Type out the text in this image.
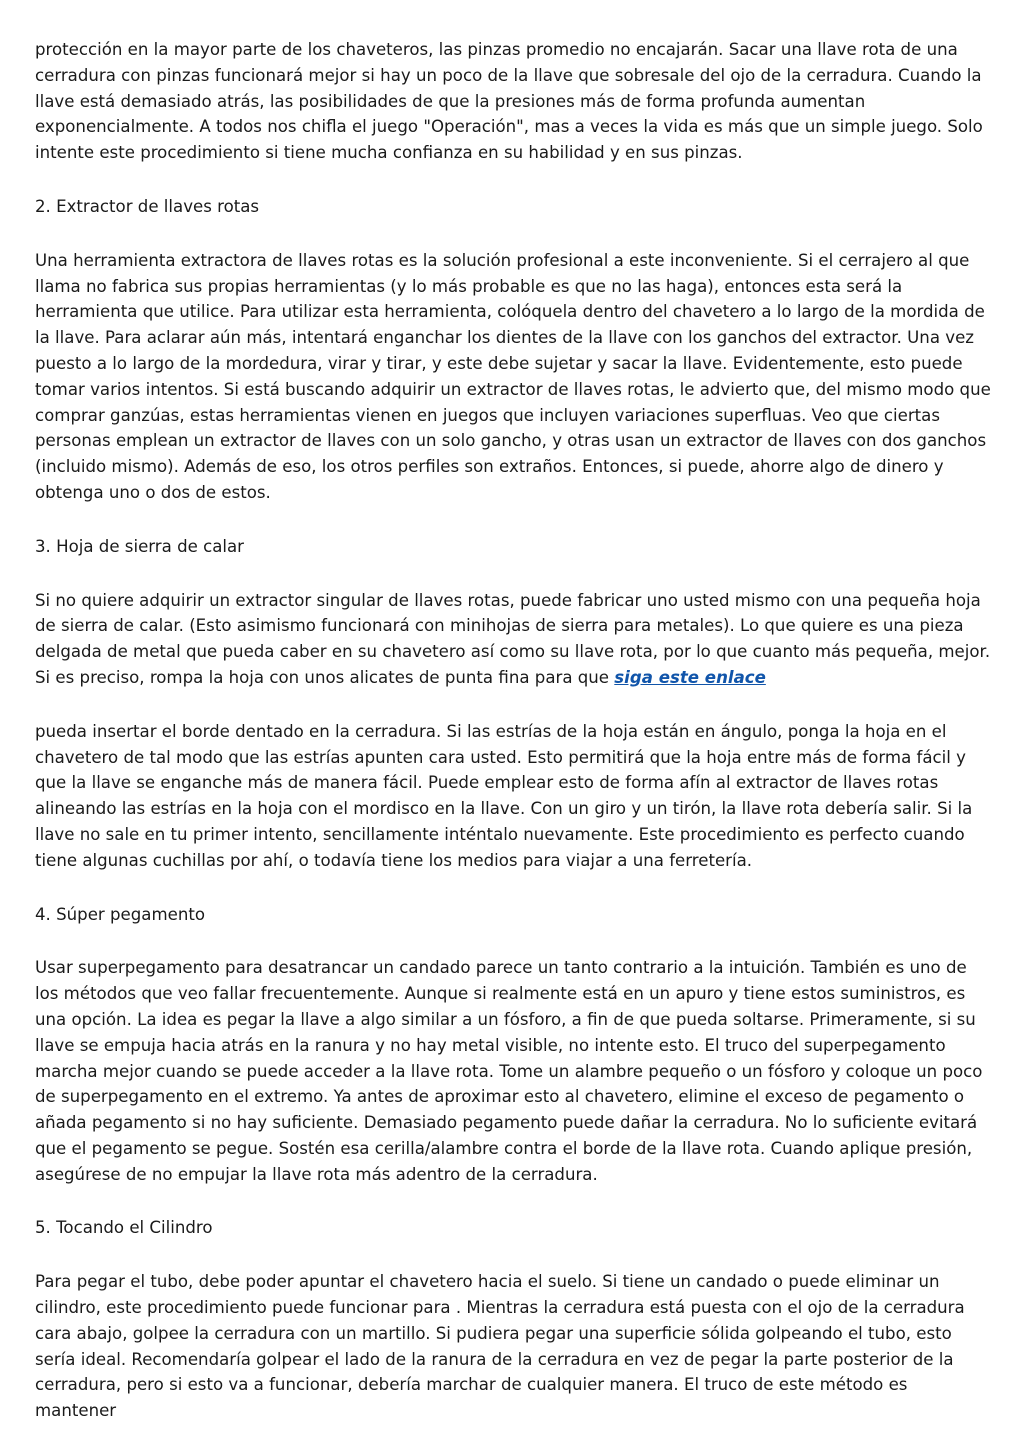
protección en la mayor parte de los chaveteros, las pinzas promedio no encajarán. Sacar una llave rota de una cerradura con pinzas funcionará mejor si hay un poco de la llave que sobresale del ojo de la cerradura. Cuando la llave está demasiado atrás, las posibilidades de que la presiones más de forma profunda aumentan exponencialmente. A todos nos chifla el juego "Operación", mas a veces la vida es más que un simple juego. Solo intente este procedimiento si tiene mucha confianza en su habilidad y en sus pinzas.

2. Extractor de llaves rotas

Una herramienta extractora de llaves rotas es la solución profesional a este inconveniente. Si el cerrajero al que llama no fabrica sus propias herramientas (y lo más probable es que no las haga), entonces esta será la herramienta que utilice. Para utilizar esta herramienta, colóquela dentro del chavetero a lo largo de la mordida de la llave. Para aclarar aún más, intentará enganchar los dientes de la llave con los ganchos del extractor. Una vez puesto a lo largo de la mordedura, virar y tirar, y este debe sujetar y sacar la llave. Evidentemente, esto puede tomar varios intentos. Si está buscando adquirir un extractor de llaves rotas, le advierto que, del mismo modo que comprar ganzúas, estas herramientas vienen en juegos que incluyen variaciones superfluas. Veo que ciertas personas emplean un extractor de llaves con un solo gancho, y otras usan un extractor de llaves con dos ganchos (incluido mismo). Además de eso, los otros perfiles son extraños. Entonces, si puede, ahorre algo de dinero y obtenga uno o dos de estos.

3. Hoja de sierra de calar

Si no quiere adquirir un extractor singular de llaves rotas, puede fabricar uno usted mismo con una pequeña hoja de sierra de calar. (Esto asimismo funcionará con minihojas de sierra para metales). Lo que quiere es una pieza delgada de metal que pueda caber en su chavetero así como su llave rota, por lo que cuanto más pequeña, mejor. Si es preciso, rompa la hoja con unos alicates de punta fina para que siga este enlace

pueda insertar el borde dentado en la cerradura. Si las estrías de la hoja están en ángulo, ponga la hoja en el chavetero de tal modo que las estrías apunten cara usted. Esto permitirá que la hoja entre más de forma fácil y que la llave se enganche más de manera fácil. Puede emplear esto de forma afín al extractor de llaves rotas alineando las estrías en la hoja con el mordisco en la llave. Con un giro y un tirón, la llave rota debería salir. Si la llave no sale en tu primer intento, sencillamente inténtalo nuevamente. Este procedimiento es perfecto cuando tiene algunas cuchillas por ahí, o todavía tiene los medios para viajar a una ferretería.

4. Súper pegamento

Usar superpegamento para desatrancar un candado parece un tanto contrario a la intuición. También es uno de los métodos que veo fallar frecuentemente. Aunque si realmente está en un apuro y tiene estos suministros, es una opción. La idea es pegar la llave a algo similar a un fósforo, a fin de que pueda soltarse. Primeramente, si su llave se empuja hacia atrás en la ranura y no hay metal visible, no intente esto. El truco del superpegamento marcha mejor cuando se puede acceder a la llave rota. Tome un alambre pequeño o un fósforo y coloque un poco de superpegamento en el extremo. Ya antes de aproximar esto al chavetero, elimine el exceso de pegamento o añada pegamento si no hay suficiente. Demasiado pegamento puede dañar la cerradura. No lo suficiente evitará que el pegamento se pegue. Sostén esa cerilla/alambre contra el borde de la llave rota. Cuando aplique presión, asegúrese de no empujar la llave rota más adentro de la cerradura.

5. Tocando el Cilindro

Para pegar el tubo, debe poder apuntar el chavetero hacia el suelo. Si tiene un candado o puede eliminar un cilindro, este procedimiento puede funcionar para . Mientras la cerradura está puesta con el ojo de la cerradura cara abajo, golpee la cerradura con un martillo. Si pudiera pegar una superficie sólida golpeando el tubo, esto sería ideal. Recomendaría golpear el lado de la ranura de la cerradura en vez de pegar la parte posterior de la cerradura, pero si esto va a funcionar, debería marchar de cualquier manera. El truco de este método es mantener
